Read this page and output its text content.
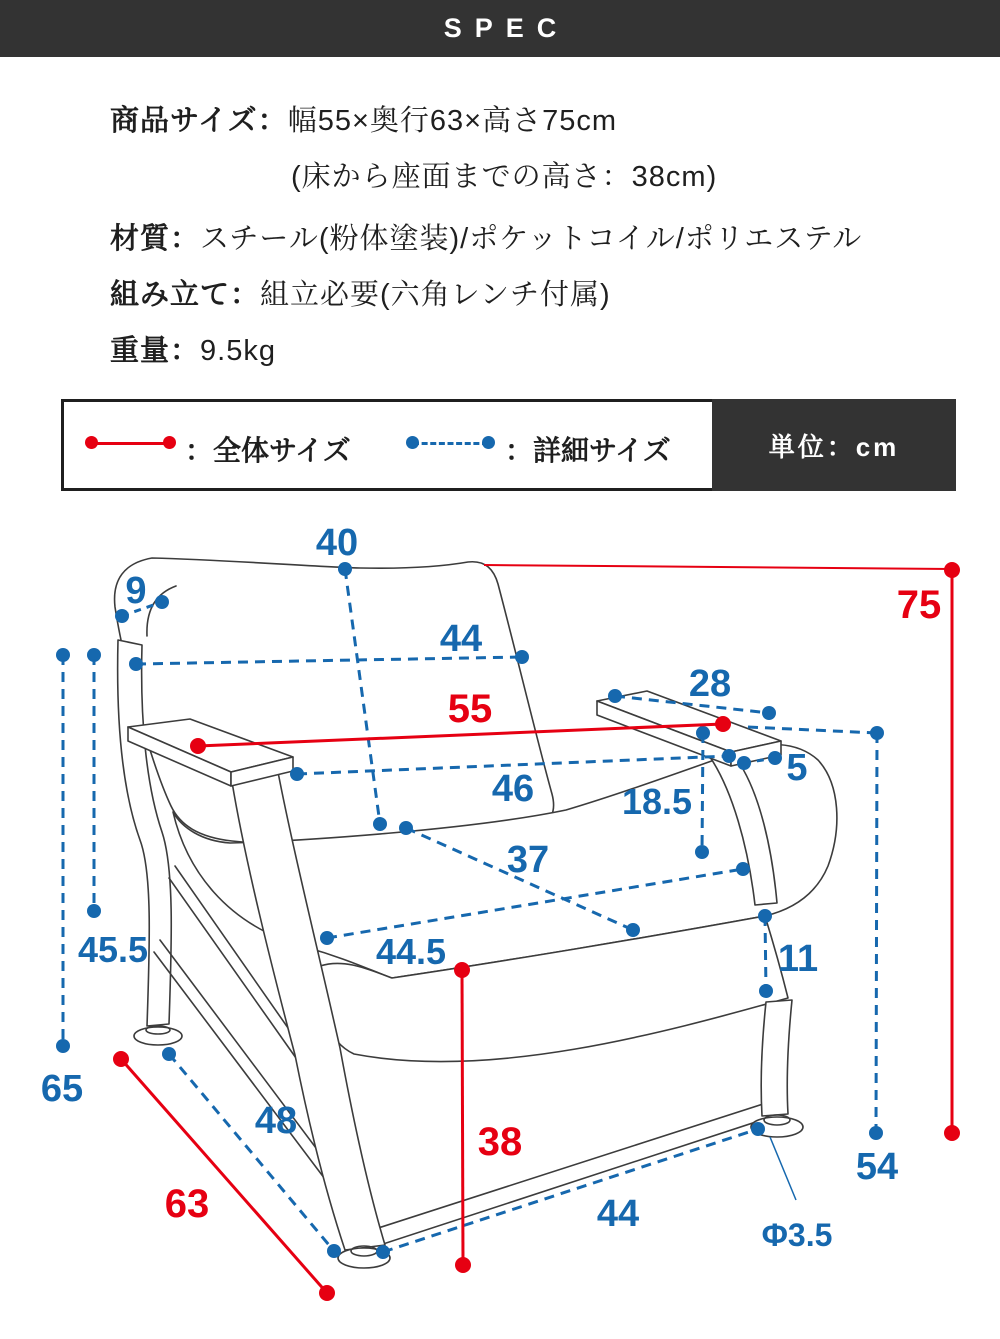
SPEC
商品サイズ：幅55×奥行63×高さ75cm
(床から座面までの高さ：38cm)
材質：スチール(粉体塗装)/ポケットコイル/ポリエステル
組み立て：組立必要(六角レンチ付属)
重量：9.5kg
：全体サイズ	：詳細サイズ	単位：cm
40
9
44
28
5
46 18.5
37
44.5	11
45.5
65
48
44
54
Φ3.5
55
75
38
63
